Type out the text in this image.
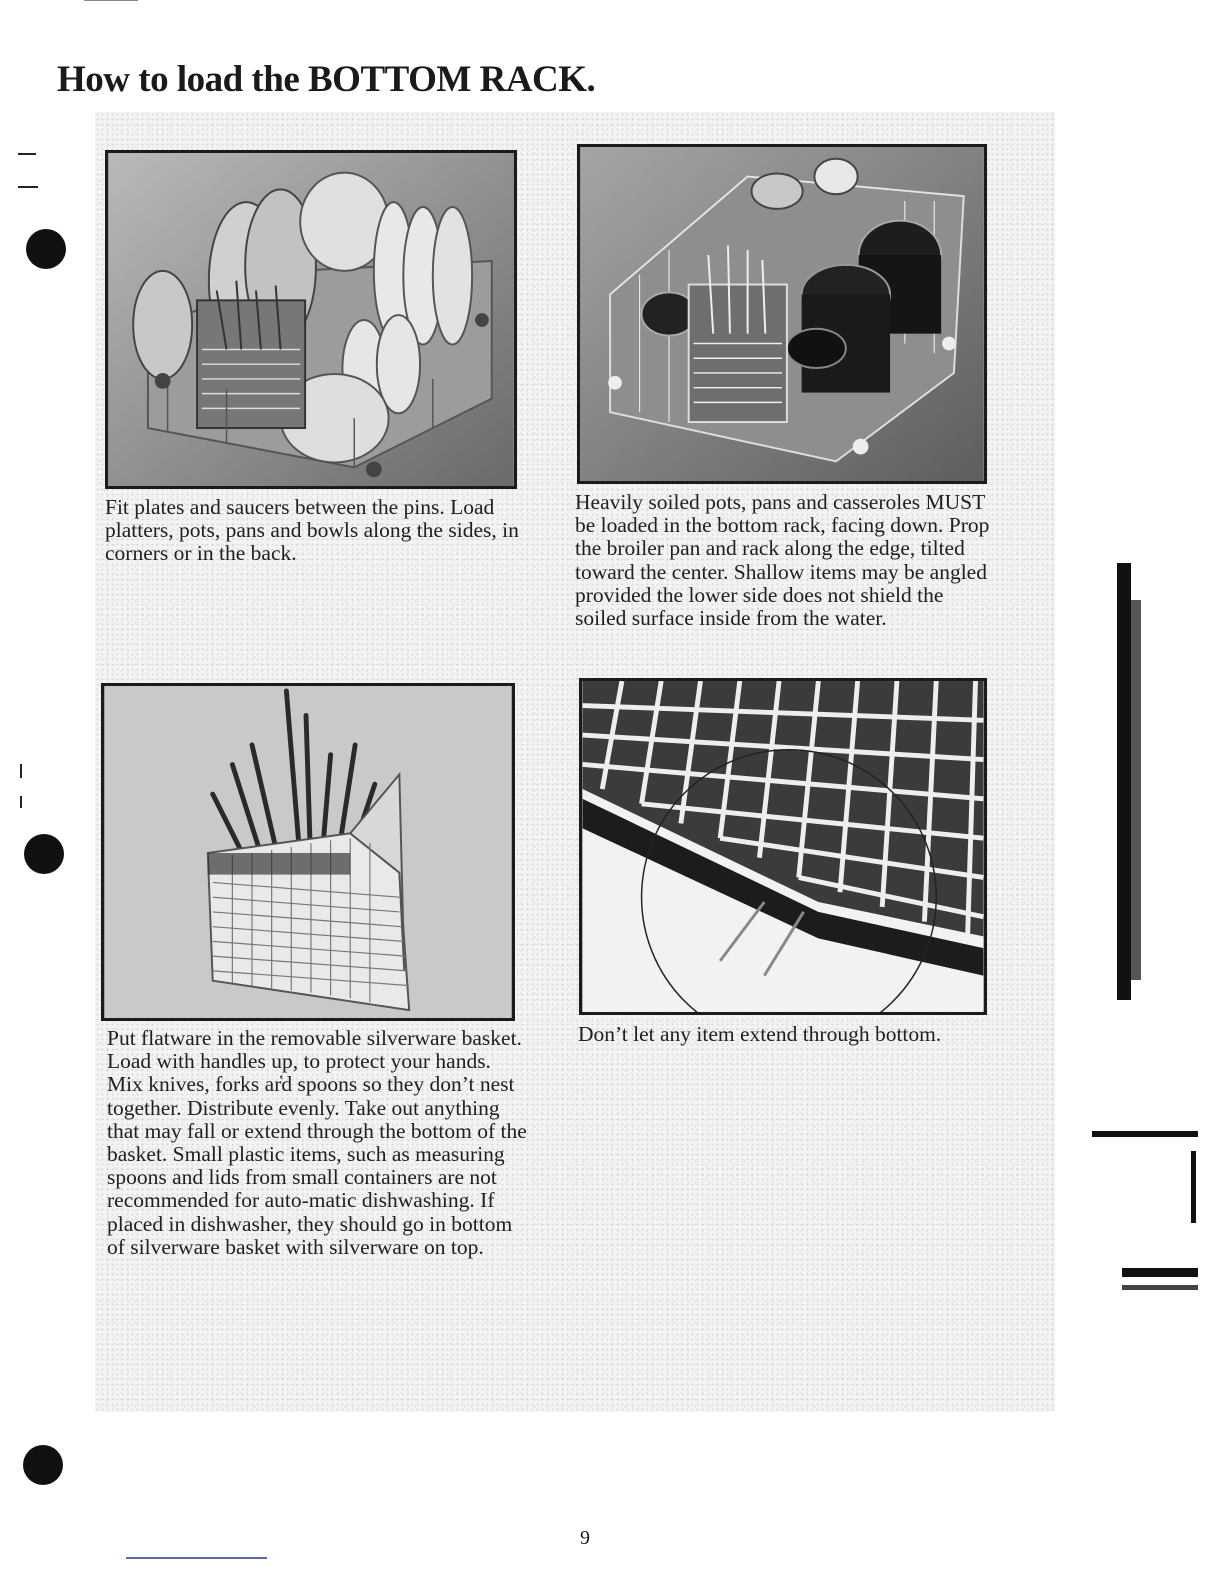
How to load the BOTTOM RACK.

Fit plates and saucers between the pins. Load platters, pots, pans and bowls along the sides, in corners or in the back.

Heavily soiled pots, pans and casseroles MUST be loaded in the bottom rack, facing down. Prop the broiler pan and rack along the edge, tilted toward the center. Shallow items may be angled provided the lower side does not shield the soiled surface inside from the water.

Put flatware in the removable silverware basket. Load with handles up, to protect your hands. Mix knives, forks ar̔d spoons so they don’t nest together. Distribute evenly. Take out anything that may fall or extend through the bottom of the basket. Small plastic items, such as measuring spoons and lids from small containers are not recommended for auto-matic dishwashing. If placed in dishwasher, they should go in bottom of silverware basket with silverware on top.

Don’t let any item extend through bottom.

9
